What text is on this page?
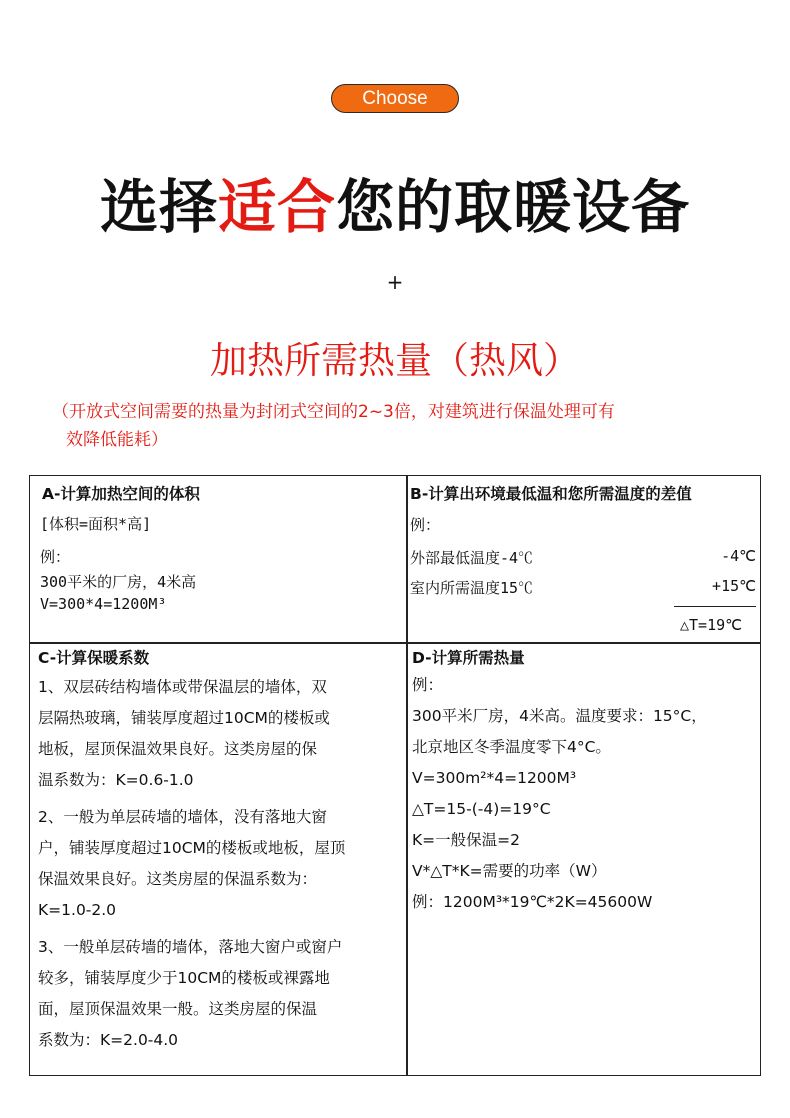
Choose
选择适合您的取暖设备
+
加热所需热量（热风）
（开放式空间需要的热量为封闭式空间的2~3倍，对建筑进行保温处理可有
效降低能耗）
A-计算加热空间的体积
[体积=面积*高]
例：
300平米的厂房，4米高
V=300*4=1200M³
B-计算出环境最低温和您所需温度的差值
例：
外部最低温度-4℃	-4℃
室内所需温度15℃	+15℃
△T=19℃
C-计算保暖系数
1、双层砖结构墙体或带保温层的墙体，双
层隔热玻璃，铺装厚度超过10CM的楼板或
地板，屋顶保温效果良好。这类房屋的保
温系数为：K=0.6-1.0
2、一般为单层砖墙的墙体，没有落地大窗
户，铺装厚度超过10CM的楼板或地板，屋顶
保温效果良好。这类房屋的保温系数为：
K=1.0-2.0
3、一般单层砖墙的墙体，落地大窗户或窗户
较多，铺装厚度少于10CM的楼板或裸露地
面，屋顶保温效果一般。这类房屋的保温
系数为：K=2.0-4.0
D-计算所需热量
例：
300平米厂房，4米高。温度要求：15°C，
北京地区冬季温度零下4°C。
V=300m²*4=1200M³
△T=15-(-4)=19°C
K=一般保温=2
V*△T*K=需要的功率（W）
例：1200M³*19℃*2K=45600W
